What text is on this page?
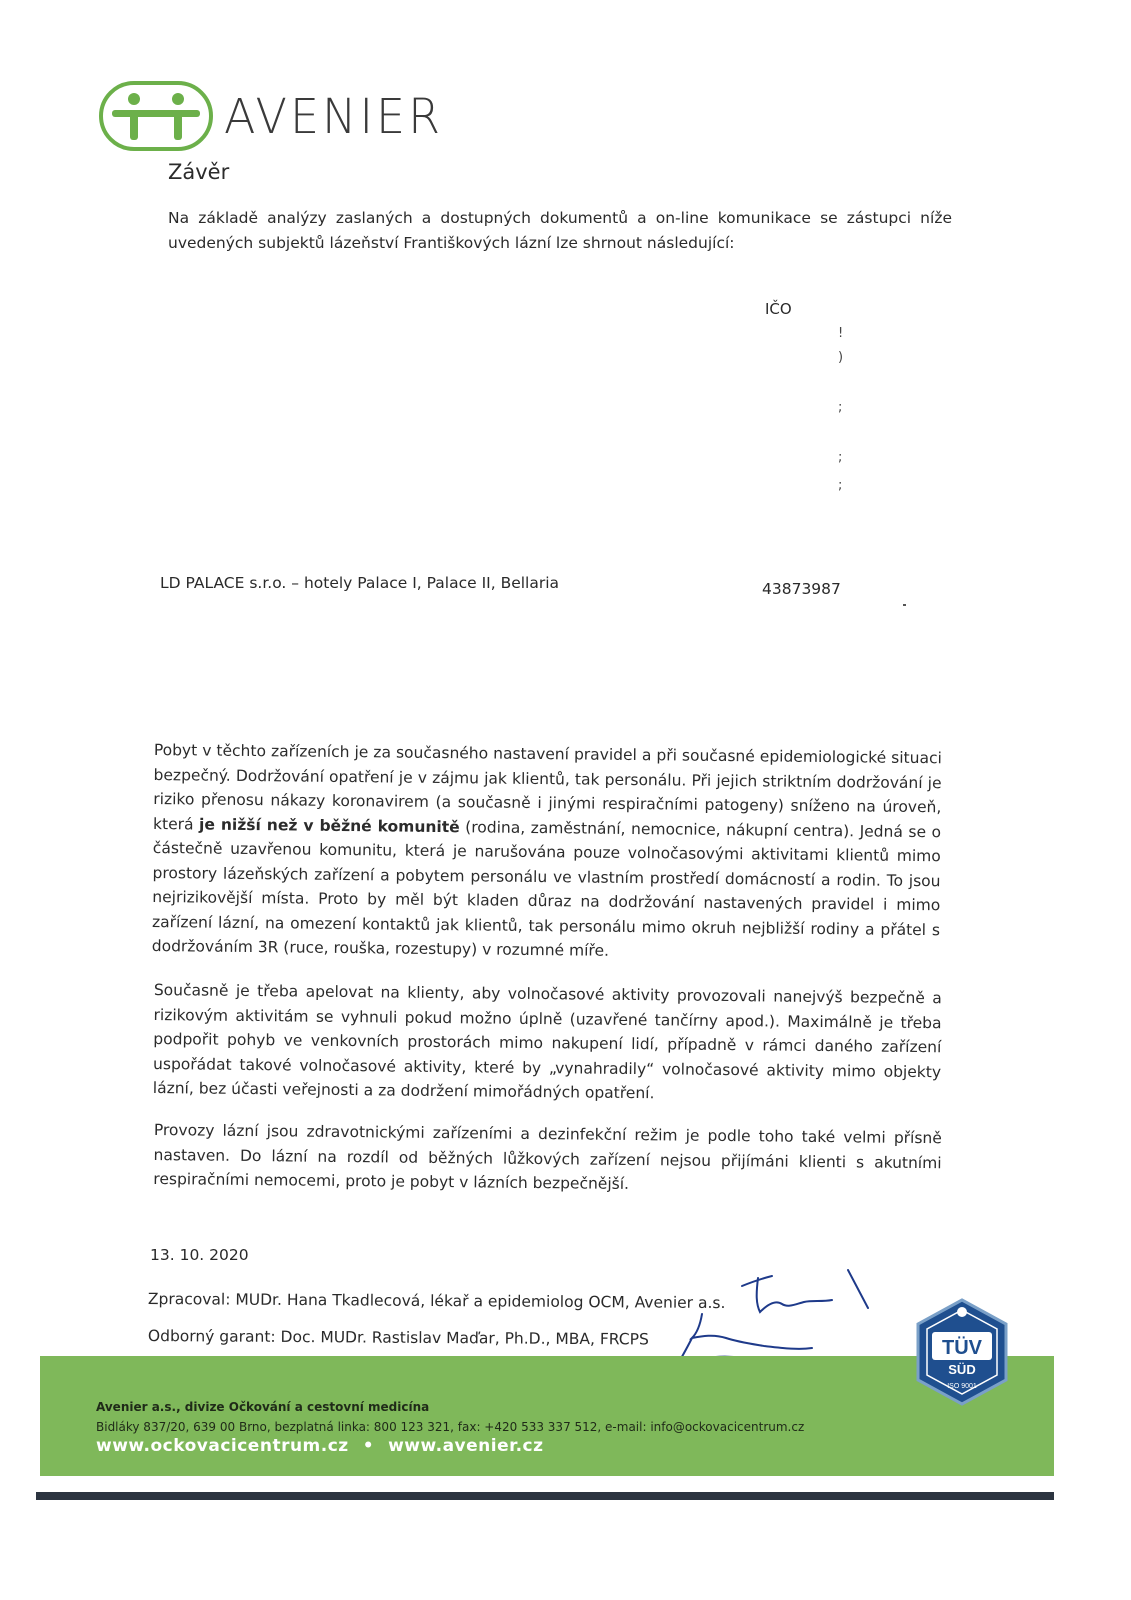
AVENIER
Závěr
Na základě analýzy zaslaných a dostupných dokumentů a on-line komunikace se zástupci níže uvedených subjektů lázeňství Františkových lázní lze shrnout následující:
IČO
!
)
;
;
;
LD PALACE s.r.o. – hotely Palace I, Palace II, Bellaria	43873987
Pobyt v těchto zařízeních je za současného nastavení pravidel a při současné epidemiologické situaci bezpečný. Dodržování opatření je v zájmu jak klientů, tak personálu. Při jejich striktním dodržování je riziko přenosu nákazy koronavirem (a současně i jinými respiračními patogeny) sníženo na úroveň, která je nižší než v běžné komunitě (rodina, zaměstnání, nemocnice, nákupní centra). Jedná se o částečně uzavřenou komunitu, která je narušována pouze volnočasovými aktivitami klientů mimo prostory lázeňských zařízení a pobytem personálu ve vlastním prostředí domácností a rodin. To jsou nejrizikovější místa. Proto by měl být kladen důraz na dodržování nastavených pravidel i mimo zařízení lázní, na omezení kontaktů jak klientů, tak personálu mimo okruh nejbližší rodiny a přátel s dodržováním 3R (ruce, rouška, rozestupy) v rozumné míře.
Současně je třeba apelovat na klienty, aby volnočasové aktivity provozovali nanejvýš bezpečně a rizikovým aktivitám se vyhnuli pokud možno úplně (uzavřené tančírny apod.). Maximálně je třeba podpořit pohyb ve venkovních prostorách mimo nakupení lidí, případně v rámci daného zařízení uspořádat takové volnočasové aktivity, které by „vynahradily“ volnočasové aktivity mimo objekty lázní, bez účasti veřejnosti a za dodržení mimořádných opatření.
Provozy lázní jsou zdravotnickými zařízeními a dezinfekční režim je podle toho také velmi přísně nastaven. Do lázní na rozdíl od běžných lůžkových zařízení nejsou přijímáni klienti s akutními respiračními nemocemi, proto je pobyt v lázních bezpečnější.
13. 10. 2020
Zpracoval: MUDr. Hana Tkadlecová, lékař a epidemiolog OCM, Avenier a.s.
Odborný garant: Doc. MUDr. Rastislav Maďar, Ph.D., MBA, FRCPS
Avenier a.s., divize Očkování a cestovní medicína
Bidláky 837/20, 639 00 Brno, bezplatná linka: 800 123 321, fax: +420 533 337 512, e-mail: info@ockovacicentrum.cz
www.ockovacicentrum.cz • www.avenier.cz
TÜV
SÜD
ISO 9001
